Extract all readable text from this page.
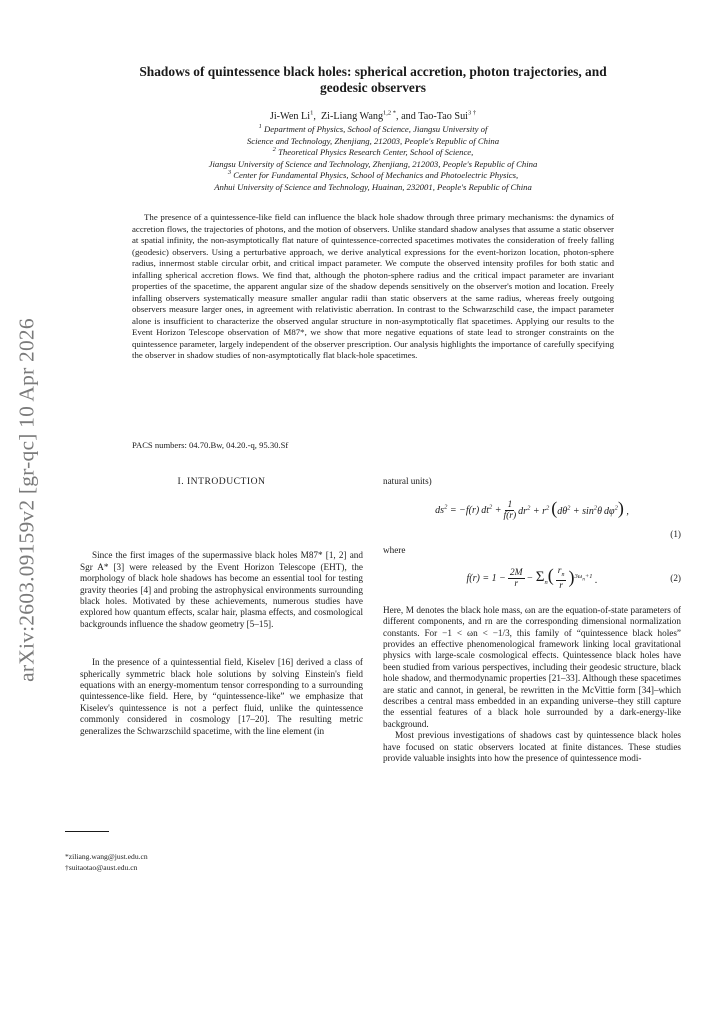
arXiv:2603.09159v2 [gr-qc] 10 Apr 2026
Shadows of quintessence black holes: spherical accretion, photon trajectories, and
geodesic observers
Ji-Wen Li$^1$,  Zi-Liang Wang$^{1,2 *}$, and Tao-Tao Sui$^{3 \dagger}$
$^1$ Department of Physics, School of Science, Jiangsu University of
Science and Technology, Zhenjiang, 212003, People's Republic of China
$^2$ Theoretical Physics Research Center, School of Science,
Jiangsu University of Science and Technology, Zhenjiang, 212003, People's Republic of China
$^3$ Center for Fundamental Physics, School of Mechanics and Photoelectric Physics,
Anhui University of Science and Technology, Huainan, 232001, People's Republic of China

The presence of a quintessence-like field can influence the black hole shadow through three primary mechanisms: the dynamics of accretion flows, the trajectories of photons, and the motion of observers. Unlike standard shadow analyses that assume a static observer at spatial infinity, the non-asymptotically flat nature of quintessence-corrected spacetimes motivates the consideration of freely falling (geodesic) observers. Using a perturbative approach, we derive analytical expressions for the event-horizon location, photon-sphere radius, innermost stable circular orbit, and critical impact parameter. We compute the observed intensity profiles for both static and infalling spherical accretion flows. We find that, although the photon-sphere radius and the critical impact parameter are invariant properties of the spacetime, the apparent angular size of the shadow depends sensitively on the observer's motion and location. Freely infalling observers systematically measure smaller angular radii than static observers at the same radius, whereas freely outgoing observers measure larger ones, in agreement with relativistic aberration. In contrast to the Schwarzschild case, the impact parameter alone is insufficient to characterize the observed angular structure in non-asymptotically flat spacetimes. Applying our results to the Event Horizon Telescope observation of M87*, we show that more negative equations of state lead to stronger constraints on the quintessence parameter, largely independent of the observer prescription. Our analysis highlights the importance of carefully specifying the observer in shadow studies of non-asymptotically flat black-hole spacetimes.

PACS numbers: 04.70.Bw, 04.20.-q, 95.30.Sf
I. INTRODUCTION

Since the first images of the supermassive black holes M87* [1, 2] and Sgr A* [3] were released by the Event Horizon Telescope (EHT), the morphology of black hole shadows has become an essential tool for testing gravity theories [4] and probing the astrophysical environments surrounding black holes. Motivated by these achievements, numerous studies have explored how quantum effects, scalar hair, plasma effects, and cosmological backgrounds influence the shadow geometry [5–15].

In the presence of a quintessential field, Kiselev [16] derived a class of spherically symmetric black hole solutions by solving Einstein's field equations with an energy-momentum tensor corresponding to a surrounding quintessence-like field. Here, by “quintessence-like” we emphasize that Kiselev's quintessence is not a perfect fluid, unlike the quintessence commonly considered in cosmology [17–20]. The resulting metric generalizes the Schwarzschild spacetime, with the line element (in

natural units)

$ds^2 = -f(r) dt^2 + \frac{1}{f(r)} dr^2 + r^2$  ($d\theta^2 + \sin^2\theta$ $d\varphi^2$) ,
(1)

where

$f(r) = 1 - \frac{2M}{r} - \Sigma_n( \frac{r_n}{r} )^{3\omega_n+1}$ .	(2)

Here, M denotes the black hole mass, ωn are the equation-of-state parameters of different components, and rn are the corresponding dimensional normalization constants. For −1 < ωn < −1/3, this family of “quintessence black holes” provides an effective phenomenological framework linking local gravitational physics with large-scale cosmological effects. Quintessence black holes have been studied from various perspectives, including their geodesic structure, black hole shadow, and thermodynamic properties [21–33]. Although these spacetimes are static and cannot, in general, be rewritten in the McVittie form [34]–which describes a central mass embedded in an expanding universe–they still capture the essential features of a black hole surrounded by a dark-energy-like background.

Most previous investigations of shadows cast by quintessence black holes have focused on static observers located at finite distances. These studies provide valuable insights into how the presence of quintessence modi-

*ziliang.wang@just.edu.cn
†suitaotao@aust.edu.cn
